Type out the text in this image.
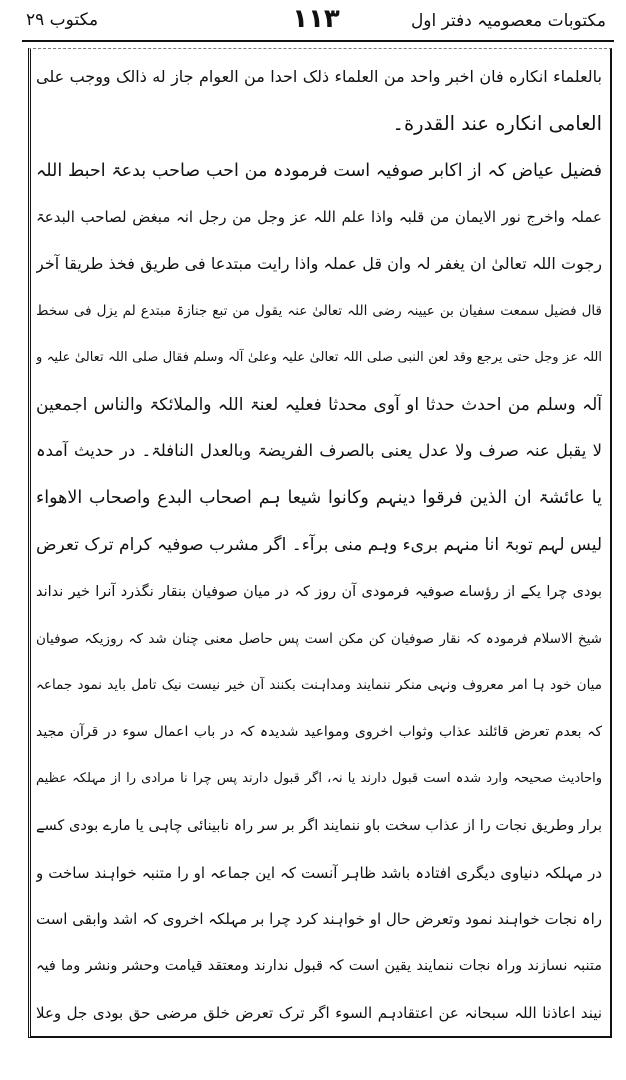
مکتوبات معصومیہ دفتر اول
۱۱۳
مکتوب ۲۹
بالعلماء انکاره فان اخبر واحد من العلماء ذلک احدا من العوام جاز له ذالک ووجب علی
العامی انکاره عند القدرة۔
فضیل عیاض کہ از اکابر صوفیہ است فرمودہ من احب صاحب بدعۃ احبط اللہ
عملہ واخرج نور الایمان من قلبہ واذا علم اللہ عز وجل من رجل انہ مبغض لصاحب البدعۃ
رجوت اللہ تعالیٰ ان یغفر لہ وان قل عملہ واذا رایت مبتدعا فی طریق فخذ طریقا آخر
قال فضیل سمعت سفیان بن عیینہ رضی اللہ تعالیٰ عنہ یقول من تبع جنازۃ مبتدع لم یزل فی سخط
اللہ عز وجل حتی یرجع وقد لعن النبی صلی اللہ تعالیٰ علیہ وعلیٰ آلہ وسلم فقال صلی اللہ تعالیٰ علیہ و
آلہ وسلم من احدث حدثا او آوی محدثا فعلیہ لعنۃ اللہ والملائکۃ والناس اجمعین
لا یقبل عنہ صرف ولا عدل یعنی بالصرف الفریضۃ وبالعدل النافلۃ۔ در حدیث آمدہ
یا عائشۃ ان الذین فرقوا دینہم وکانوا شیعا ہم اصحاب البدع واصحاب الاھواء
لیس لہم توبۃ انا منہم بریء وہم منی برآء۔ اگر مشرب صوفیہ کرام ترک تعرض
بودی چرا یکے از رؤساے صوفیہ فرمودی آن روز کہ در میان صوفیان بنقار نگذرد آنرا خیر نداند
شیخ الاسلام فرمودہ کہ نقار صوفیان کن مکن است پس حاصل معنی چنان شد کہ روزیکہ صوفیان
میان خود ہا امر معروف ونہی منکر ننمایند ومداہنت بکنند آن خیر نیست نیک تامل باید نمود جماعہ
کہ بعدم تعرض قائلند عذاب وثواب اخروی ومواعید شدیدہ کہ در باب اعمال سوء در قرآن مجید
واحادیث صحیحہ وارد شدہ است قبول دارند یا نہ، اگر قبول دارند پس چرا نا مرادی را از مہلکہ عظیم
برار وطریق نجات را از عذاب سخت باو ننمایند اگر بر سر راہ نابینائی چاہی یا مارے بودی کسے
در مہلکہ دنیاوی دیگری افتادہ باشد ظاہر آنست کہ این جماعہ او را متنبہ خواہند ساخت و
راہ نجات خواہند نمود وتعرض حال او خواہند کرد چرا بر مہلکہ اخروی کہ اشد وابقی است
متنبہ نسازند وراہ نجات ننمایند یقین است کہ قبول ندارند ومعتقد قیامت وحشر ونشر وما فیہ
نیند اعاذنا اللہ سبحانہ عن اعتقادہم السوء اگر ترک تعرض خلق مرضی حق بودی جل وعلا
